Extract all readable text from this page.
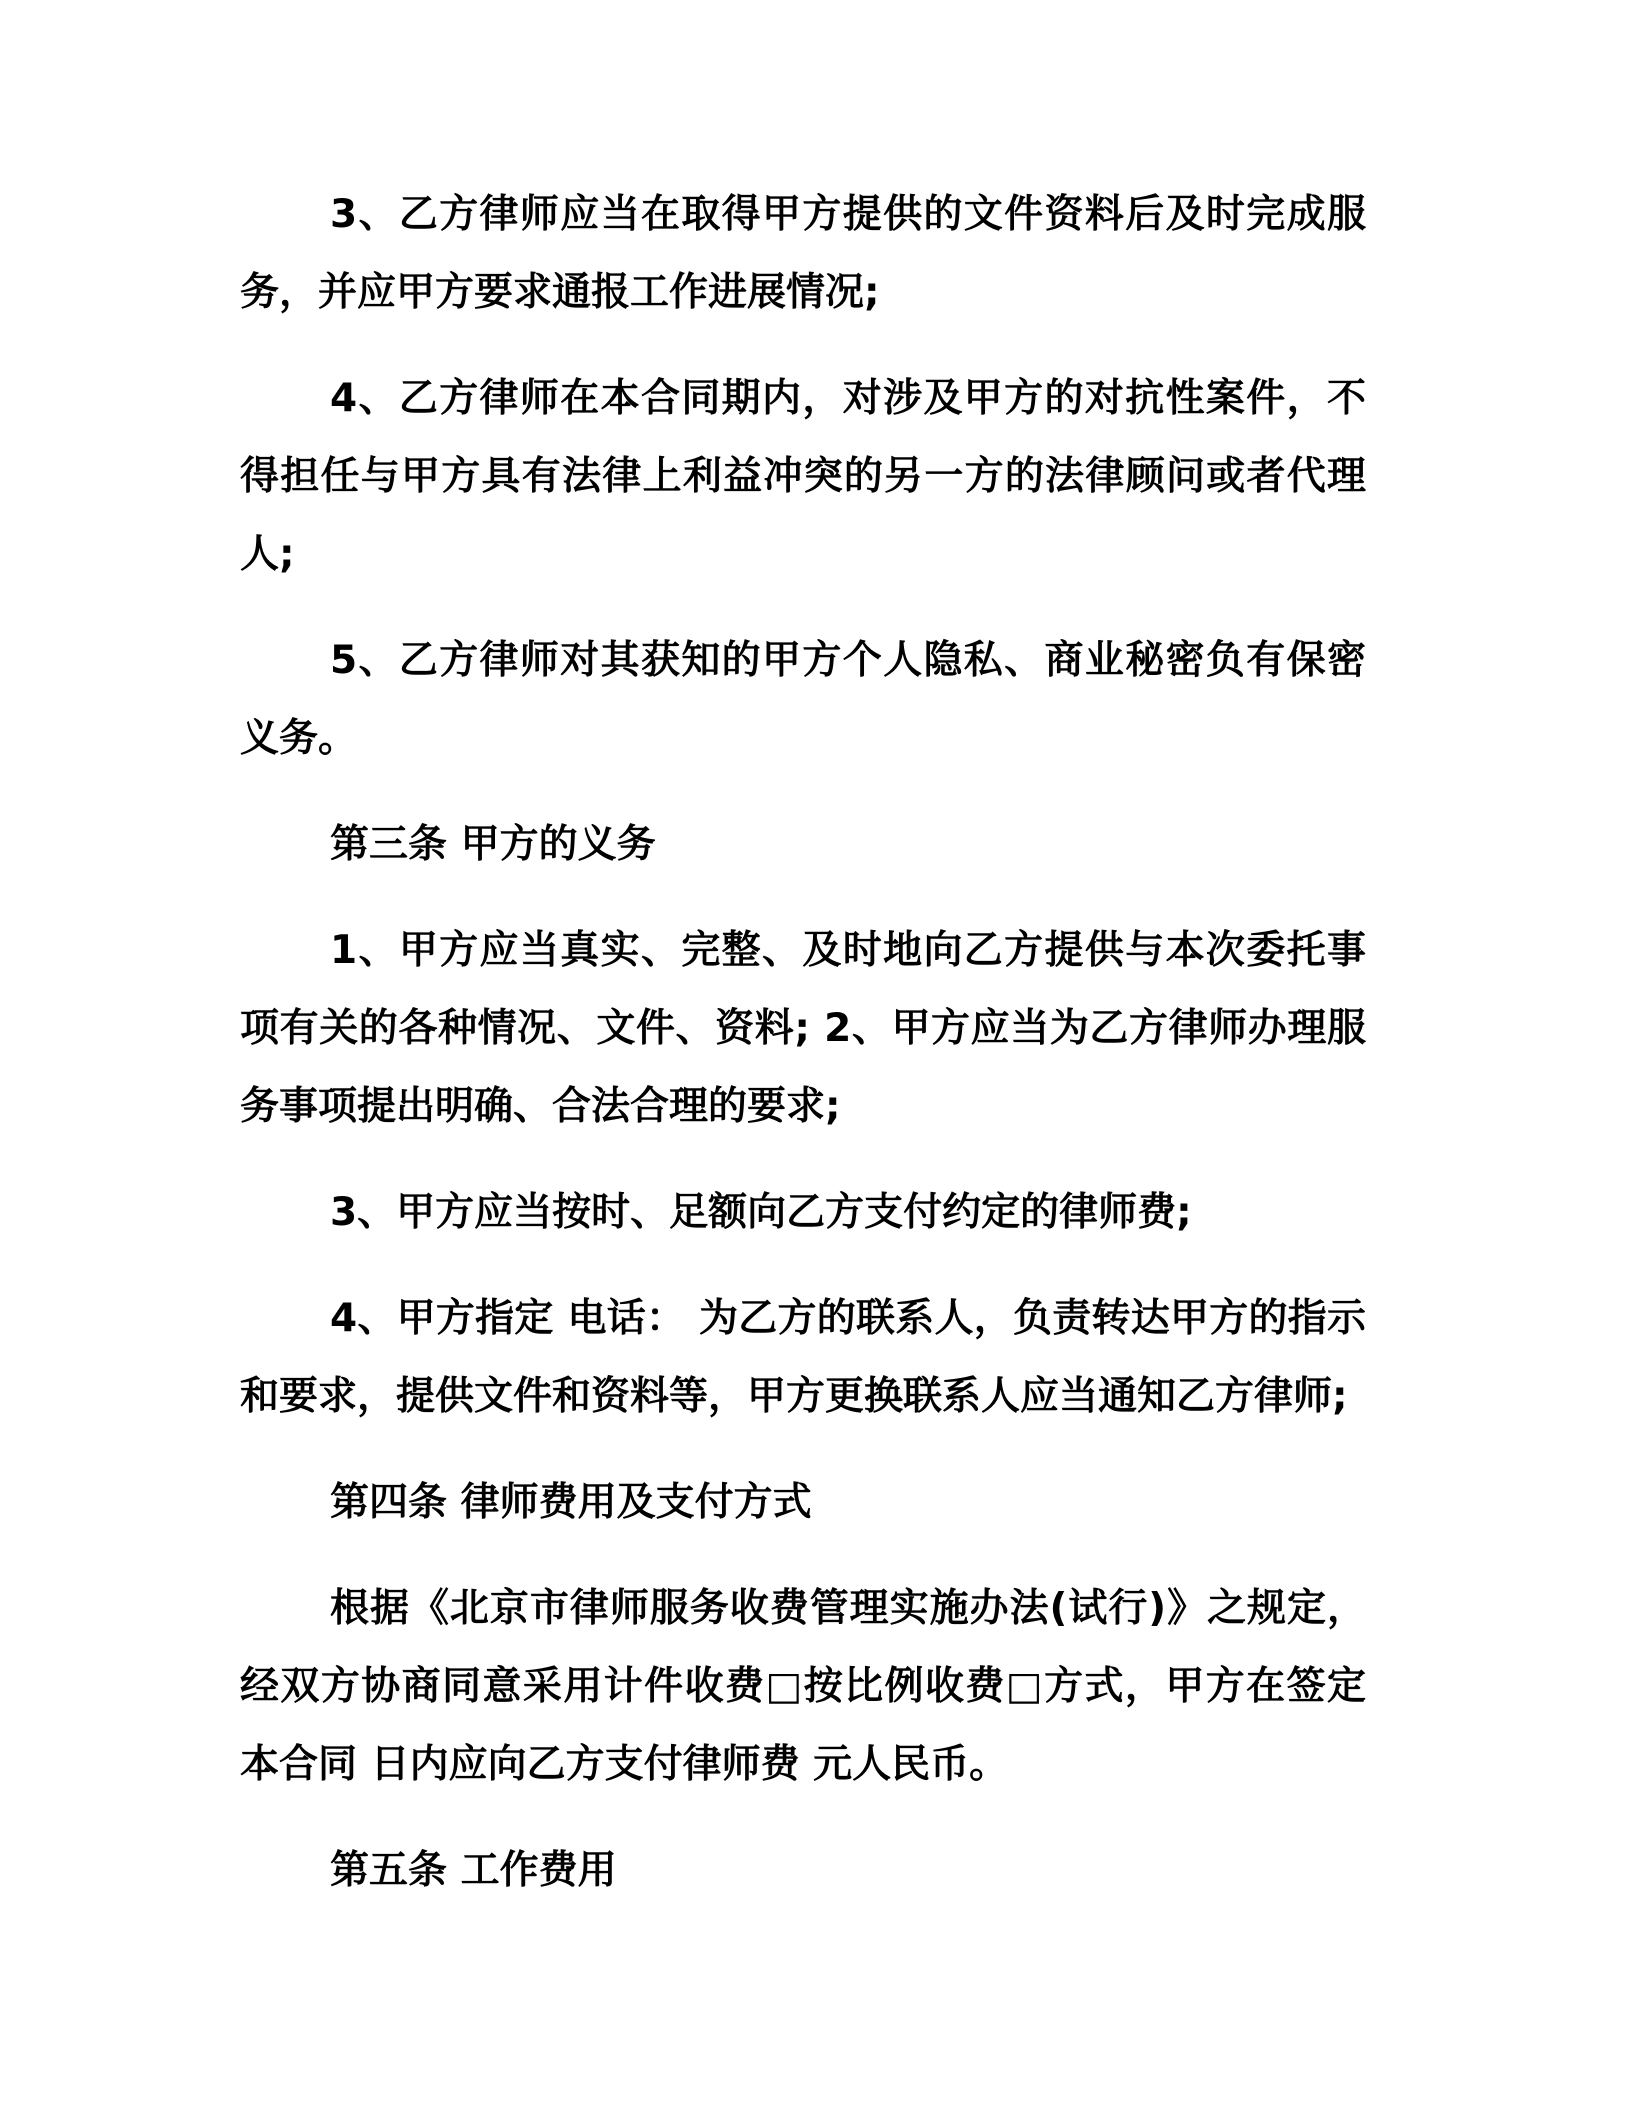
3、乙方律师应当在取得甲方提供的文件资料后及时完成服务，并应甲方要求通报工作进展情况;

4、乙方律师在本合同期内，对涉及甲方的对抗性案件，不得担任与甲方具有法律上利益冲突的另一方的法律顾问或者代理人;

5、乙方律师对其获知的甲方个人隐私、商业秘密负有保密义务。

第三条 甲方的义务

1、甲方应当真实、完整、及时地向乙方提供与本次委托事项有关的各种情况、文件、资料; 2、甲方应当为乙方律师办理服务事项提出明确、合法合理的要求;

3、甲方应当按时、足额向乙方支付约定的律师费;

4、甲方指定 电话： 为乙方的联系人，负责转达甲方的指示和要求，提供文件和资料等，甲方更换联系人应当通知乙方律师;

第四条 律师费用及支付方式

根据《北京市律师服务收费管理实施办法(试行)》之规定，经双方协商同意采用计件收费□按比例收费□方式，甲方在签定本合同 日内应向乙方支付律师费 元人民币。

第五条 工作费用
